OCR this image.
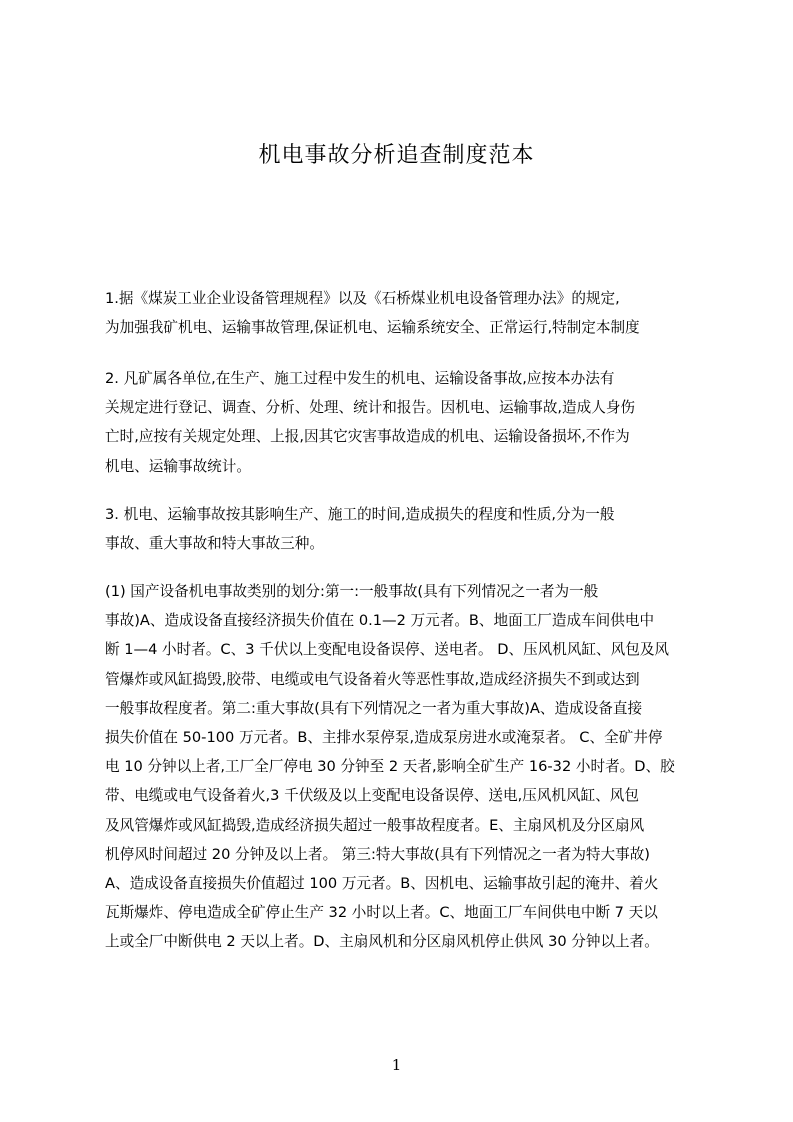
机电事故分析追查制度范本
1.据《煤炭工业企业设备管理规程》以及《石桥煤业机电设备管理办法》的规定,
为加强我矿机电、运输事故管理,保证机电、运输系统安全、正常运行,特制定本制度
2. 凡矿属各单位,在生产、施工过程中发生的机电、运输设备事故,应按本办法有
关规定进行登记、调查、分析、处理、统计和报告。因机电、运输事故,造成人身伤
亡时,应按有关规定处理、上报,因其它灾害事故造成的机电、运输设备损坏,不作为
机电、运输事故统计。
3. 机电、运输事故按其影响生产、施工的时间,造成损失的程度和性质,分为一般
事故、重大事故和特大事故三种。
(1) 国产设备机电事故类别的划分:第一:一般事故(具有下列情况之一者为一般
事故)A、造成设备直接经济损失价值在 0.1—2 万元者。B、地面工厂造成车间供电中
断 1—4 小时者。C、3 千伏以上变配电设备误停、送电者。 D、压风机风缸、风包及风
管爆炸或风缸捣毁,胶带、电缆或电气设备着火等恶性事故,造成经济损失不到或达到
一般事故程度者。第二:重大事故(具有下列情况之一者为重大事故)A、造成设备直接
损失价值在 50-100 万元者。B、主排水泵停泵,造成泵房进水或淹泵者。 C、全矿井停
电 10 分钟以上者,工厂全厂停电 30 分钟至 2 天者,影响全矿生产 16-32 小时者。D、胶
带、电缆或电气设备着火,3 千伏级及以上变配电设备误停、送电,压风机风缸、风包
及风管爆炸或风缸捣毁,造成经济损失超过一般事故程度者。E、主扇风机及分区扇风
机停风时间超过 20 分钟及以上者。 第三:特大事故(具有下列情况之一者为特大事故)
A、造成设备直接损失价值超过 100 万元者。B、因机电、运输事故引起的淹井、着火
瓦斯爆炸、停电造成全矿停止生产 32 小时以上者。C、地面工厂车间供电中断 7 天以
上或全厂中断供电 2 天以上者。D、主扇风机和分区扇风机停止供风 30 分钟以上者。
1
